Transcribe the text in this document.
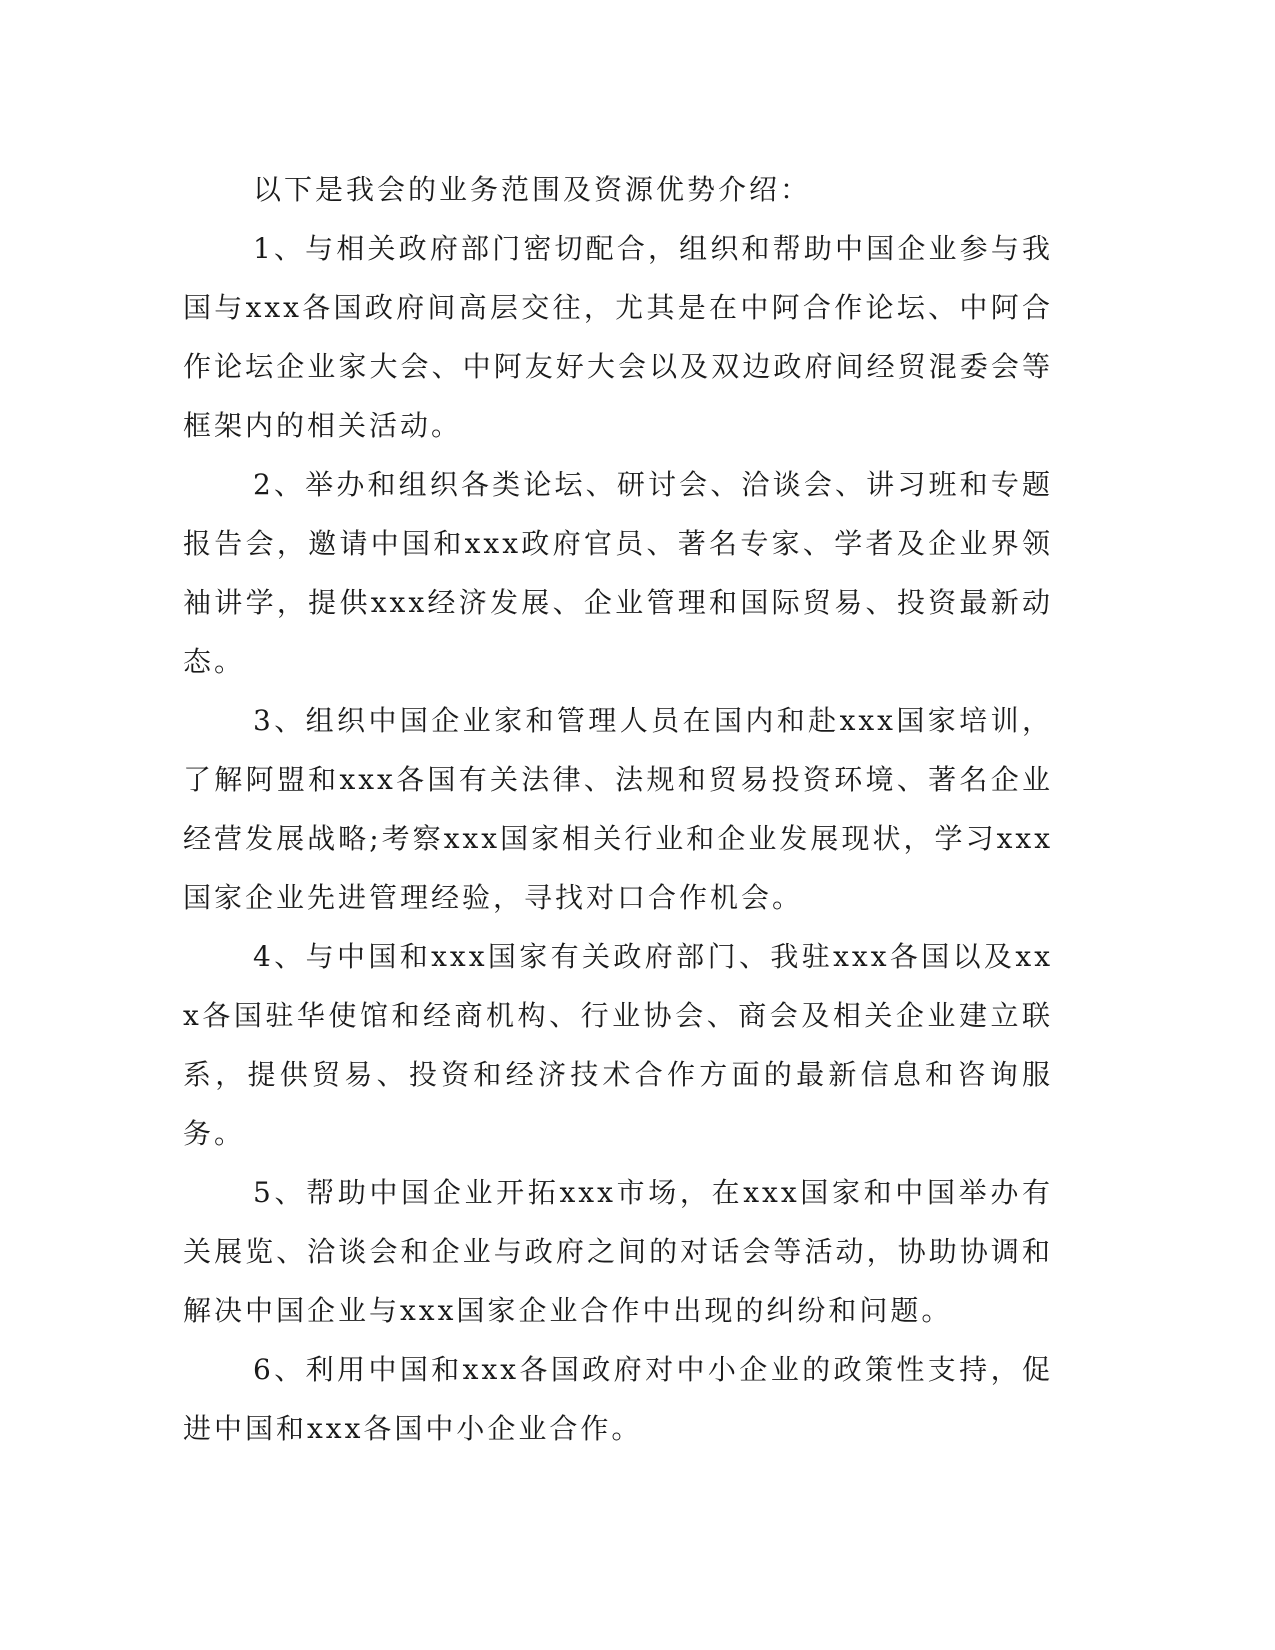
以下是我会的业务范围及资源优势介绍：

1、与相关政府部门密切配合，组织和帮助中国企业参与我国与xxx各国政府间高层交往，尤其是在中阿合作论坛、中阿合作论坛企业家大会、中阿友好大会以及双边政府间经贸混委会等框架内的相关活动。

2、举办和组织各类论坛、研讨会、洽谈会、讲习班和专题报告会，邀请中国和xxx政府官员、著名专家、学者及企业界领袖讲学，提供xxx经济发展、企业管理和国际贸易、投资最新动态。

3、组织中国企业家和管理人员在国内和赴xxx国家培训，了解阿盟和xxx各国有关法律、法规和贸易投资环境、著名企业经营发展战略;考察xxx国家相关行业和企业发展现状，学习xxx国家企业先进管理经验，寻找对口合作机会。

4、与中国和xxx国家有关政府部门、我驻xxx各国以及xxx各国驻华使馆和经商机构、行业协会、商会及相关企业建立联系，提供贸易、投资和经济技术合作方面的最新信息和咨询服务。

5、帮助中国企业开拓xxx市场，在xxx国家和中国举办有关展览、洽谈会和企业与政府之间的对话会等活动，协助协调和解决中国企业与xxx国家企业合作中出现的纠纷和问题。

6、利用中国和xxx各国政府对中小企业的政策性支持，促进中国和xxx各国中小企业合作。
